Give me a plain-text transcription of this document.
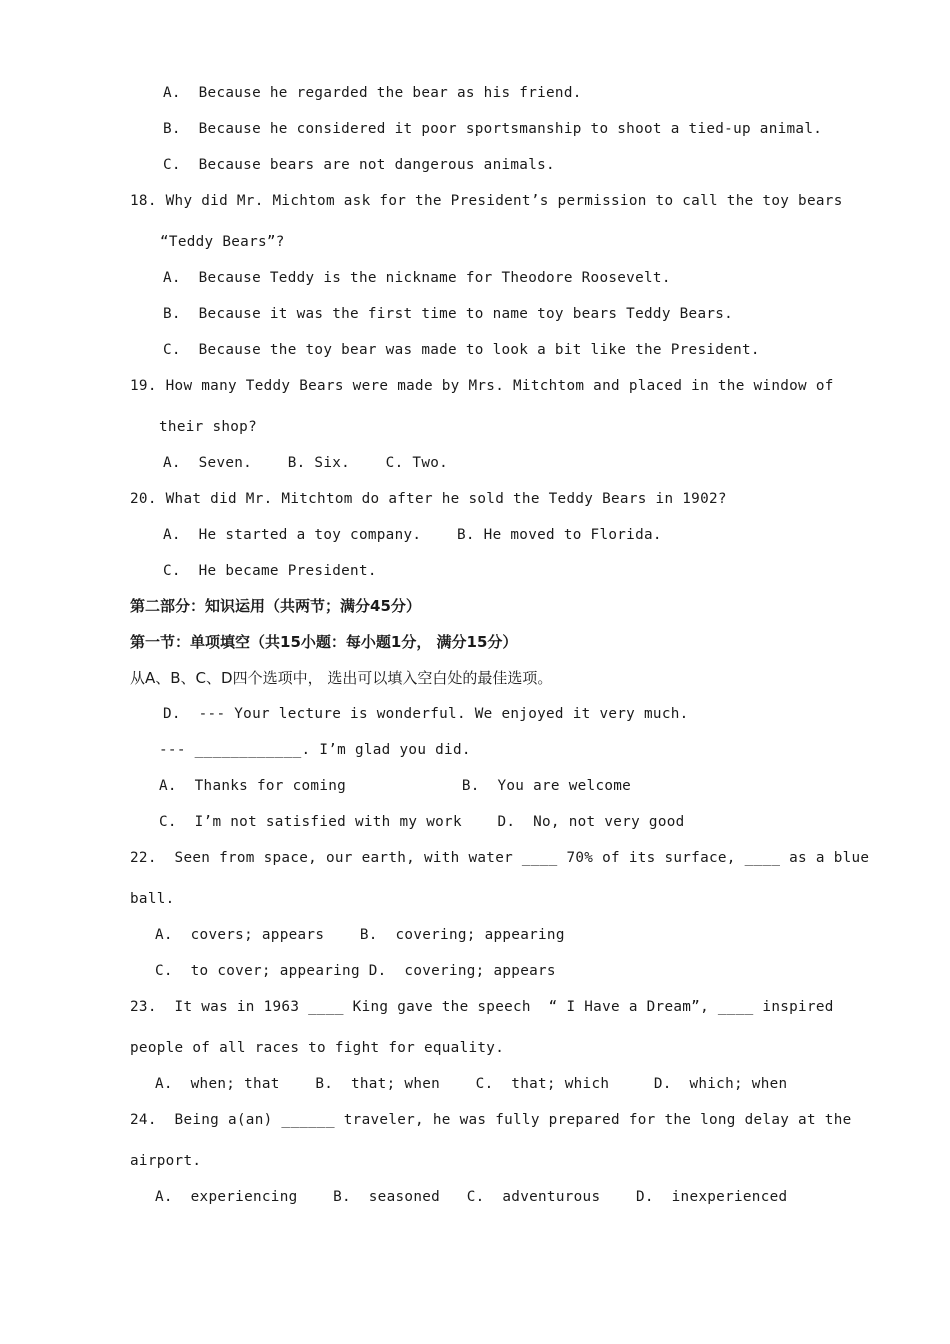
A.  Because he regarded the bear as his friend.
B.  Because he considered it poor sportsmanship to shoot a tied-up animal.
C.  Because bears are not dangerous animals.
18. Why did Mr. Michtom ask for the President’s permission to call the toy bears
“Teddy Bears”?
A.  Because Teddy is the nickname for Theodore Roosevelt.
B.  Because it was the first time to name toy bears Teddy Bears.
C.  Because the toy bear was made to look a bit like the President.
19. How many Teddy Bears were made by Mrs. Mitchtom and placed in the window of
their shop?
A.  Seven.    B. Six.    C. Two.
20. What did Mr. Mitchtom do after he sold the Teddy Bears in 1902?
A.  He started a toy company.    B. He moved to Florida.
C.  He became President.
第二部分：知识运用（共两节；满分45分）
第一节：单项填空（共15小题：每小题1分， 满分15分）
从A、B、C、D四个选项中， 选出可以填入空白处的最佳选项。
D.  --- Your lecture is wonderful. We enjoyed it very much.
--- ____________. I’m glad you did.
A.  Thanks for coming             B.  You are welcome
C.  I’m not satisfied with my work    D.  No, not very good
22.  Seen from space, our earth, with water ____ 70% of its surface, ____ as a blue
ball.
A.  covers; appears    B.  covering; appearing
C.  to cover; appearing D.  covering; appears
23.  It was in 1963 ____ King gave the speech  “ I Have a Dream”, ____ inspired
people of all races to fight for equality.
A.  when; that    B.  that; when    C.  that; which     D.  which; when
24.  Being a(an) ______ traveler, he was fully prepared for the long delay at the
airport.
A.  experiencing    B.  seasoned   C.  adventurous    D.  inexperienced
